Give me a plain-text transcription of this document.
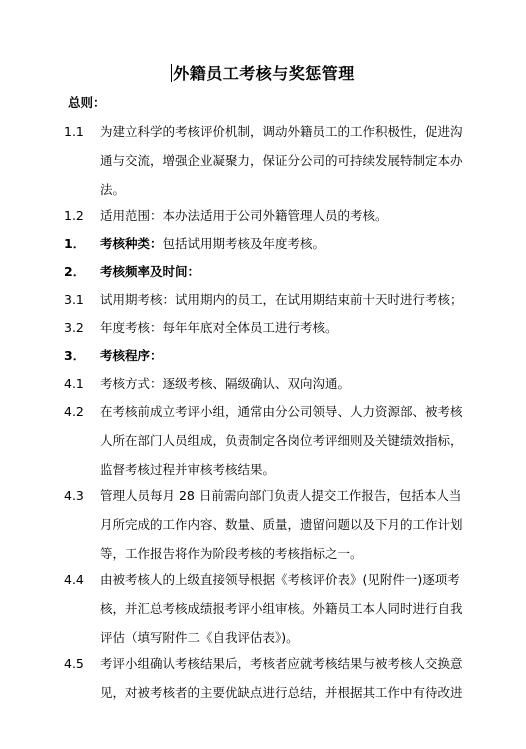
外籍员工考核与奖惩管理
总则：
1.1	为建立科学的考核评价机制，调动外籍员工的工作积极性，促进沟
通与交流，增强企业凝聚力，保证分公司的可持续发展特制定本办
法。
1.2	适用范围：本办法适用于公司外籍管理人员的考核。
1．	考核种类：包括试用期考核及年度考核。
2．	考核频率及时间：
3.1	试用期考核：试用期内的员工，在试用期结束前十天时进行考核；
3.2	年度考核：每年年底对全体员工进行考核。
3．	考核程序：
4.1	考核方式：逐级考核、隔级确认、双向沟通。
4.2	在考核前成立考评小组，通常由分公司领导、人力资源部、被考核
人所在部门人员组成，负责制定各岗位考评细则及关键绩效指标，
监督考核过程并审核考核结果。
4.3	管理人员每月 28 日前需向部门负责人提交工作报告，包括本人当
月所完成的工作内容、数量、质量，遗留问题以及下月的工作计划
等，工作报告将作为阶段考核的考核指标之一。
4.4	由被考核人的上级直接领导根据《考核评价表》(见附件一)逐项考
核，并汇总考核成绩报考评小组审核。外籍员工本人同时进行自我
评估（填写附件二《自我评估表》)。
4.5	考评小组确认考核结果后，考核者应就考核结果与被考核人交换意
见，对被考核者的主要优缺点进行总结，并根据其工作中有待改进
